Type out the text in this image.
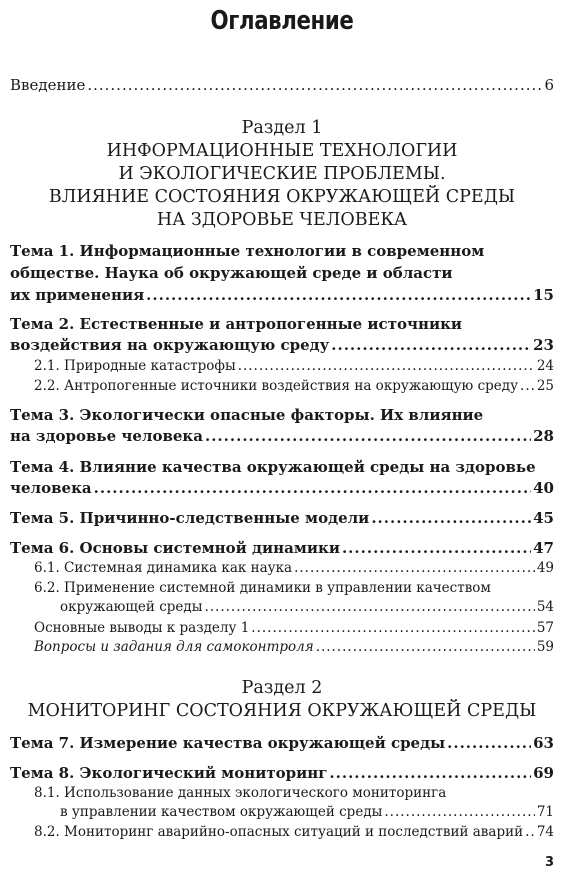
Оглавление
Введение .....	6
Раздел 1
ИНФОРМАЦИОННЫЕ ТЕХНОЛОГИИ
И ЭКОЛОГИЧЕСКИЕ ПРОБЛЕМЫ.
ВЛИЯНИЕ СОСТОЯНИЯ ОКРУЖАЮЩЕЙ СРЕДЫ
НА ЗДОРОВЬЕ ЧЕЛОВЕКА
Тема 1. Информационные технологии в современном
обществе. Наука об окружающей среде и области
их применения .....	15
Тема 2. Естественные и антропогенные источники
воздействия на окружающую среду .....	23
2.1. Природные катастрофы .....	24
2.2. Антропогенные источники воздействия на окружающую среду ..... 25
Тема 3. Экологически опасные факторы. Их влияние
на здоровье человека .....	28
Тема 4. Влияние качества окружающей среды на здоровье
человека .....	40
Тема 5. Причинно-следственные модели .....	45
Тема 6. Основы системной динамики .....	47
6.1. Системная динамика как наука .....	49
6.2. Применение системной динамики в управлении качеством
окружающей среды .....	54
Основные выводы к разделу 1 .....	57
Вопросы и задания для самоконтроля .....	59
Раздел 2
МОНИТОРИНГ СОСТОЯНИЯ ОКРУЖАЮЩЕЙ СРЕДЫ
Тема 7. Измерение качества окружающей среды .....	63
Тема 8. Экологический мониторинг .....	69
8.1. Использование данных экологического мониторинга
в управлении качеством окружающей среды .....	71
8.2. Мониторинг аварийно-опасных ситуаций и последствий аварий ..... 74
3
